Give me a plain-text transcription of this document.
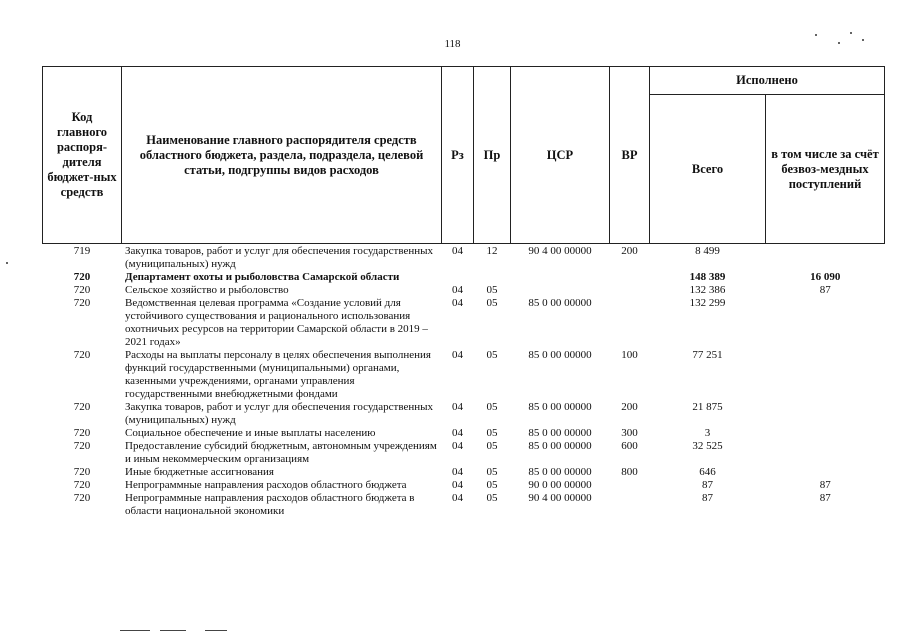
118
Код главного распоря-дителя бюджет-ных средств	Наименование главного распорядителя средств областного бюджета, раздела, подраздела, целевой статьи, подгруппы видов расходов	Рз	Пр	ЦСР	ВР	Исполнено	
						Всего	в том числе за счёт безвоз-мездных поступлений
719	Закупка товаров, работ и услуг для обеспечения государственных (муниципальных) нужд	04	12	90 4 00 00000	200	8 499	
720	Департамент охоты и рыболовства Самарской области					148 389	16 090
720	Сельское хозяйство и рыболовство	04	05			132 386	87
720	Ведомственная целевая программа «Создание условий для устойчивого существования и рационального использования охотничьих ресурсов на территории Самарской области в 2019 – 2021 годах»	04	05	85 0 00 00000		132 299	
720	Расходы на выплаты персоналу в целях обеспечения выполнения функций государственными (муниципальными) органами, казенными учреждениями, органами управления государственными внебюджетными фондами	04	05	85 0 00 00000	100	77 251	
720	Закупка товаров, работ и услуг для обеспечения государственных (муниципальных) нужд	04	05	85 0 00 00000	200	21 875	
720	Социальное обеспечение и иные выплаты населению	04	05	85 0 00 00000	300	3	
720	Предоставление субсидий бюджетным, автономным учреждениям и иным некоммерческим организациям	04	05	85 0 00 00000	600	32 525	
720	Иные бюджетные ассигнования	04	05	85 0 00 00000	800	646	
720	Непрограммные направления расходов областного бюджета	04	05	90 0 00 00000		87	87
720	Непрограммные направления расходов областного бюджета в области национальной экономики	04	05	90 4 00 00000		87	87
